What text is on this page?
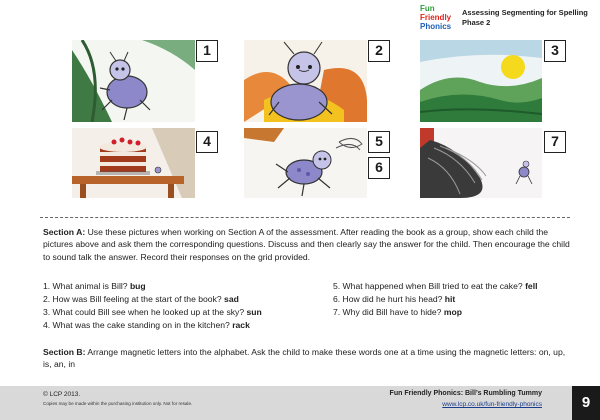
Fun
Friendly
Phonics
Assessing Segmenting for Spelling
Phase 2
1	2	3
4	5
6
7
Section A: Use these pictures when working on Section A of the assessment. After reading the book as a group, show each child the pictures above and ask them the corresponding questions. Discuss and then clearly say the answer for the child. Then encourage the child to sound talk the answer. Record their responses on the grid provided.
1. What animal is Bill? bug
2. How was Bill feeling at the start of the book? sad
3. What could Bill see when he looked up at the sky? sun
4. What was the cake standing on in the kitchen? rack
5. What happened when Bill tried to eat the cake? fell
6. How did he hurt his head? hit
7. Why did Bill have to hide? mop
Section B: Arrange magnetic letters into the alphabet. Ask the child to make these words one at a time using the magnetic letters: on, up, is, an, in
© LCP 2013.
Copies may be made within the purchasing institution only. Not for resale.
Fun Friendly Phonics: Bill’s Rumbling Tummy
www.lcp.co.uk/fun-friendly-phonics	9
